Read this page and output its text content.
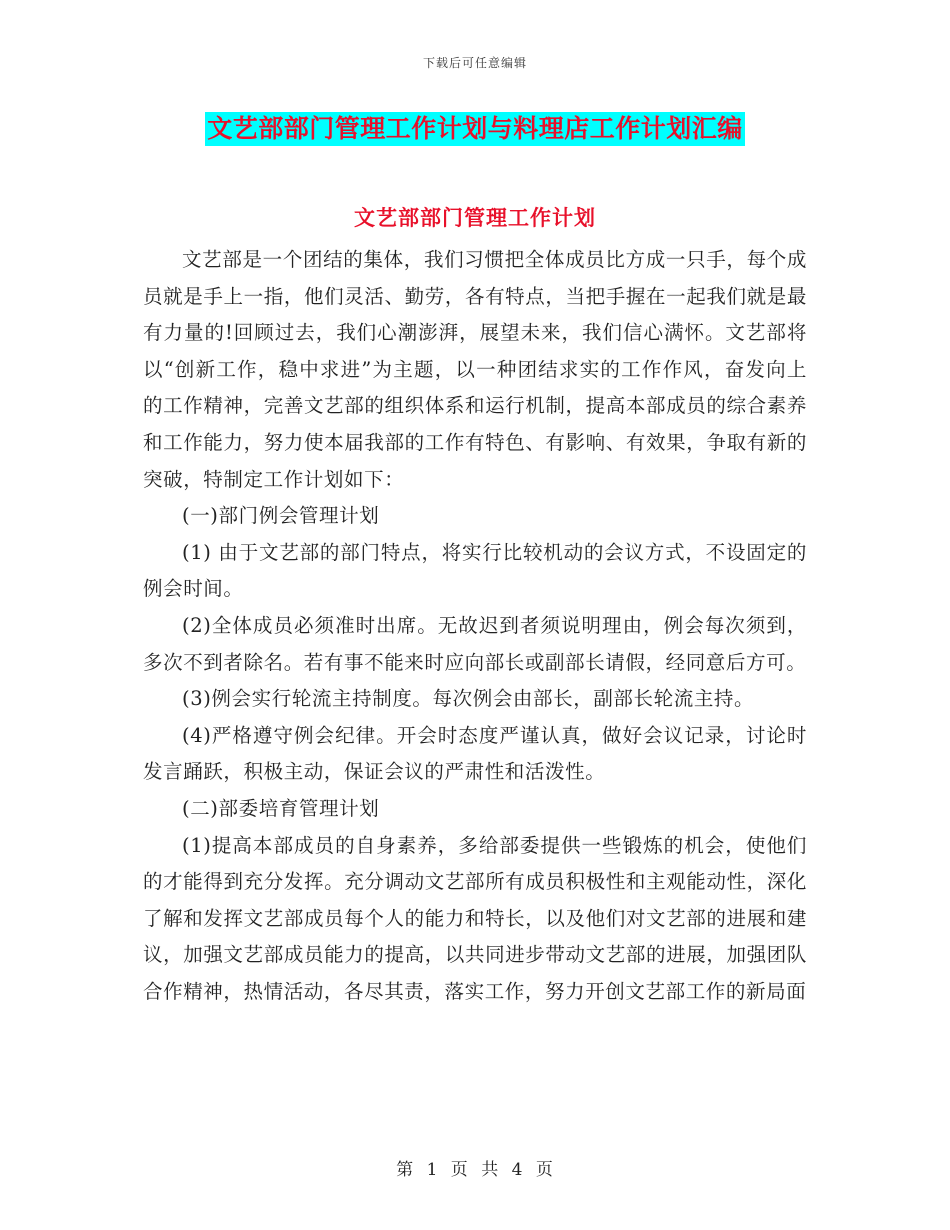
下载后可任意编辑
文艺部部门管理工作计划与料理店工作计划汇编
文艺部部门管理工作计划

文艺部是一个团结的集体，我们习惯把全体成员比方成一只手，每个成员就是手上一指，他们灵活、勤劳，各有特点，当把手握在一起我们就是最有力量的!回顾过去，我们心潮澎湃，展望未来，我们信心满怀。文艺部将以“创新工作，稳中求进”为主题，以一种团结求实的工作作风，奋发向上的工作精神，完善文艺部的组织体系和运行机制，提高本部成员的综合素养和工作能力，努力使本届我部的工作有特色、有影响、有效果，争取有新的突破，特制定工作计划如下：

(一)部门例会管理计划

(1) 由于文艺部的部门特点，将实行比较机动的会议方式，不设固定的例会时间。

(2)全体成员必须准时出席。无故迟到者须说明理由，例会每次须到，多次不到者除名。若有事不能来时应向部长或副部长请假，经同意后方可。

(3)例会实行轮流主持制度。每次例会由部长，副部长轮流主持。

(4)严格遵守例会纪律。开会时态度严谨认真，做好会议记录，讨论时发言踊跃，积极主动，保证会议的严肃性和活泼性。

(二)部委培育管理计划

(1)提高本部成员的自身素养，多给部委提供一些锻炼的机会，使他们的才能得到充分发挥。充分调动文艺部所有成员积极性和主观能动性，深化了解和发挥文艺部成员每个人的能力和特长，以及他们对文艺部的进展和建议，加强文艺部成员能力的提高，以共同进步带动文艺部的进展，加强团队合作精神，热情活动，各尽其责，落实工作，努力开创文艺部工作的新局面

第 1 页 共 4 页
